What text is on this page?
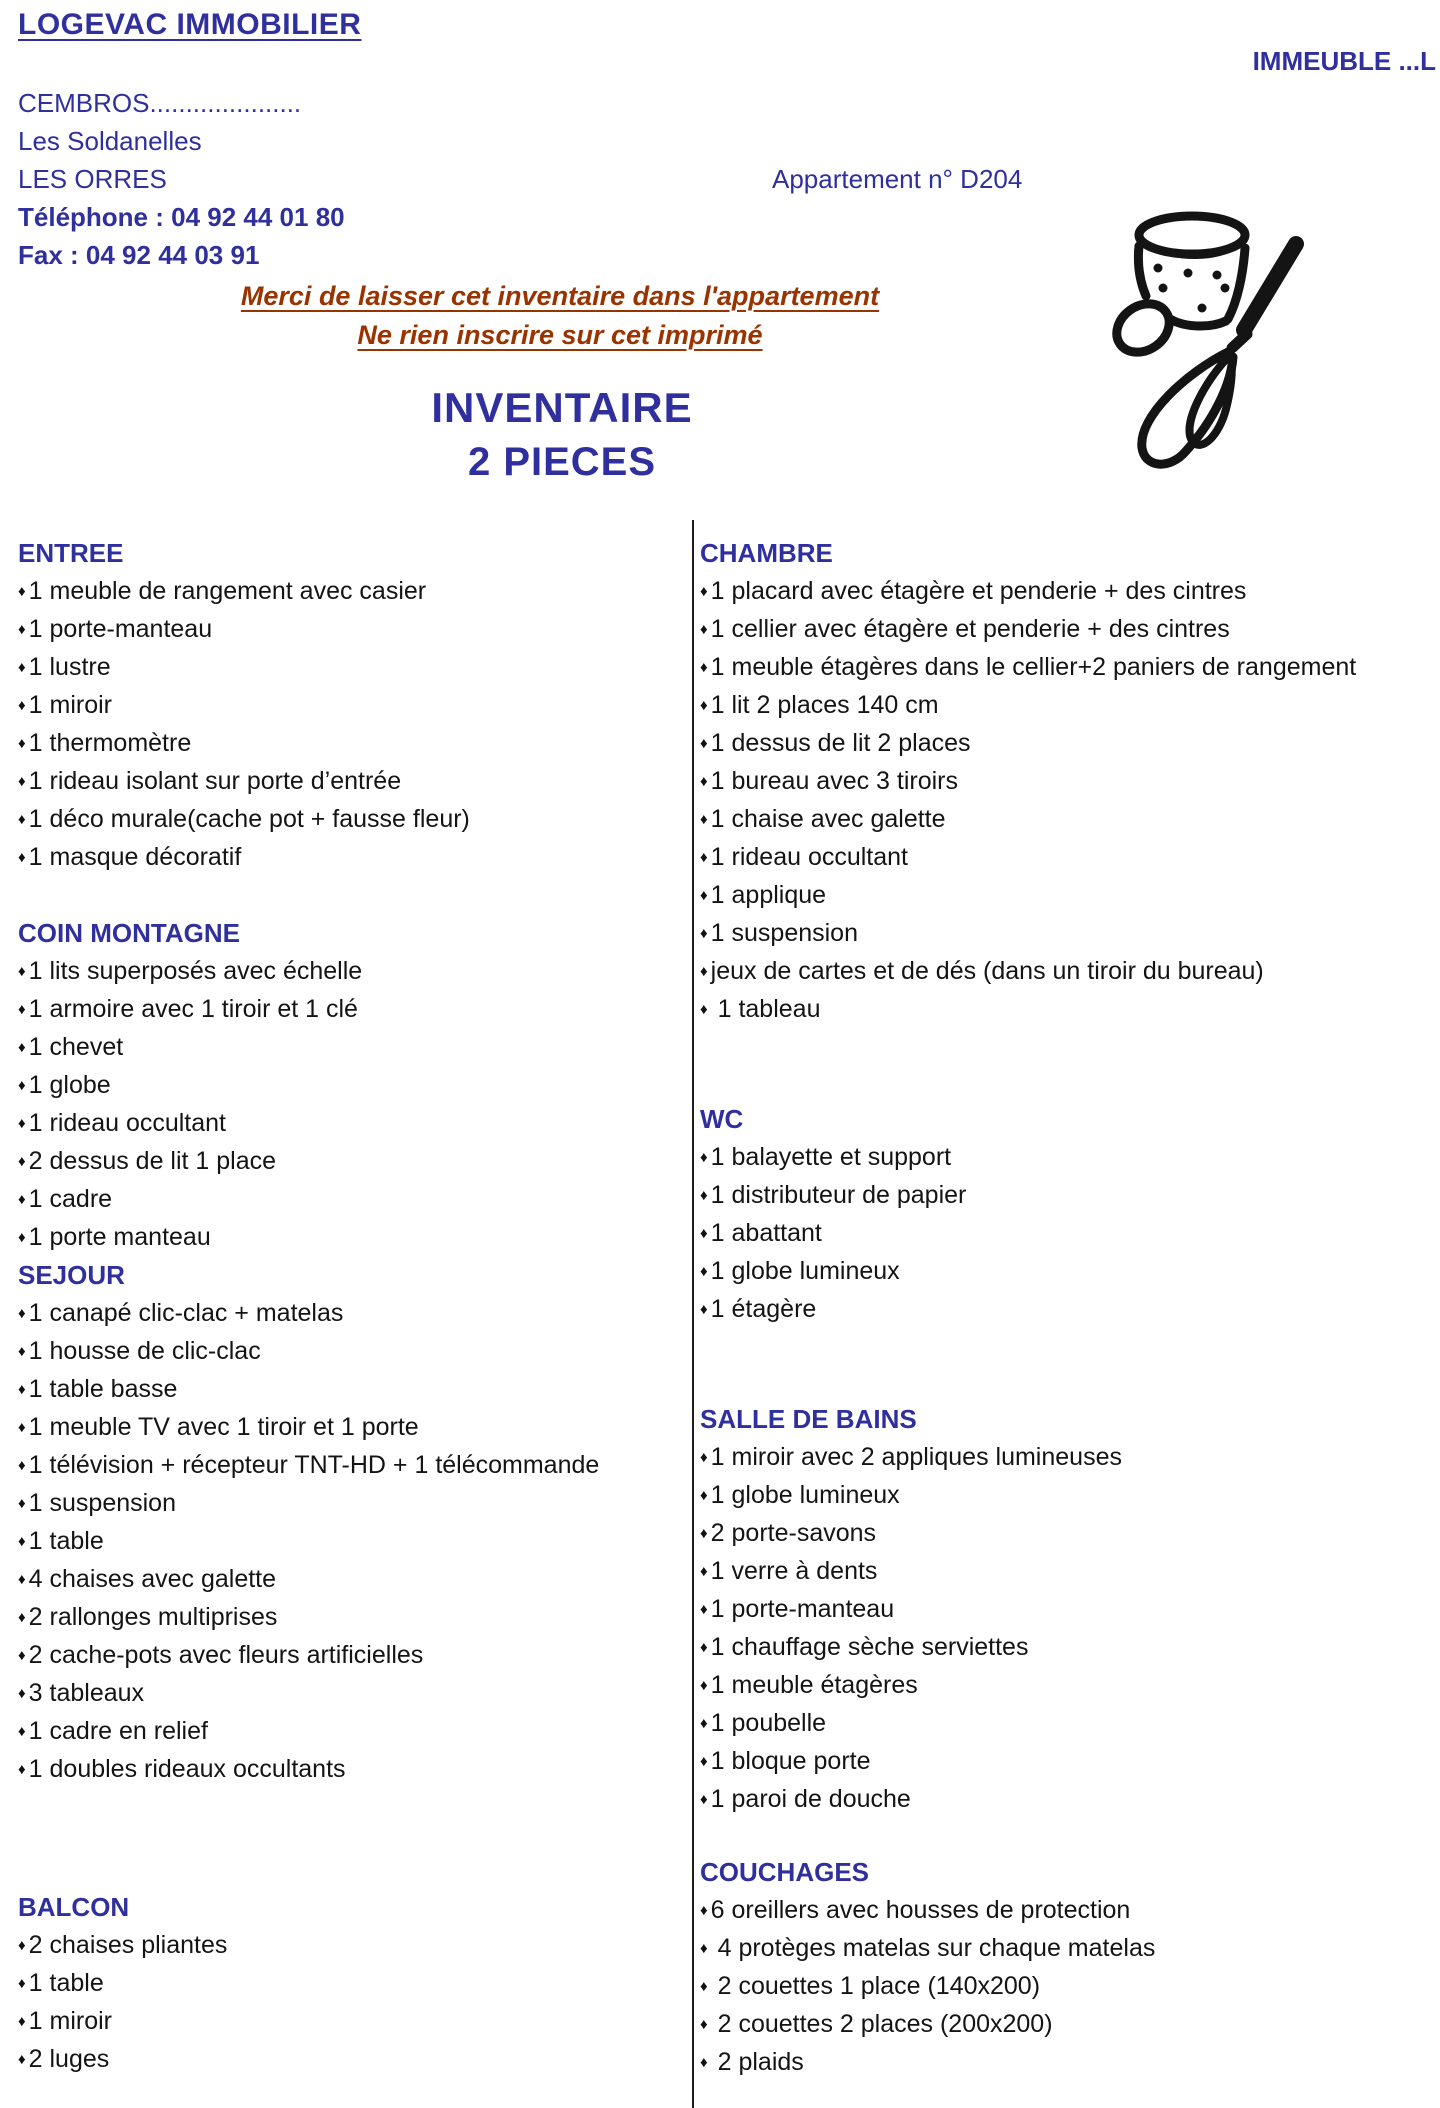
LOGEVAC IMMOBILIER
IMMEUBLE ...L
CEMBROS.....................
Les Soldanelles
LES ORRES	Appartement n° D204
Téléphone : 04 92 44 01 80
Fax : 04 92 44 03 91
Merci de laisser cet inventaire dans l'appartement
Ne rien inscrire sur cet imprimé
INVENTAIRE
2 PIECES
ENTREE
♦ 1 meuble de rangement avec casier
♦ 1 porte-manteau
♦ 1 lustre
♦ 1 miroir
♦ 1 thermomètre
♦ 1 rideau isolant sur porte d’entrée
♦ 1 déco murale(cache pot + fausse fleur)
♦ 1 masque décoratif
COIN MONTAGNE
♦ 1 lits superposés avec échelle
♦ 1 armoire avec 1 tiroir et 1 clé
♦ 1 chevet
♦ 1 globe
♦ 1 rideau occultant
♦ 2 dessus de lit 1 place
♦ 1 cadre
♦ 1 porte manteau
SEJOUR
♦ 1 canapé clic-clac + matelas
♦ 1 housse de clic-clac
♦ 1 table basse
♦ 1 meuble TV avec 1 tiroir et 1 porte
♦ 1 télévision + récepteur TNT-HD + 1 télécommande
♦ 1 suspension
♦ 1 table
♦ 4 chaises avec galette
♦ 2 rallonges multiprises
♦ 2 cache-pots avec fleurs artificielles
♦ 3 tableaux
♦ 1 cadre en relief
♦ 1 doubles rideaux occultants
BALCON
♦ 2 chaises pliantes
♦ 1 table
♦ 1 miroir
♦ 2 luges
CHAMBRE
♦ 1 placard avec étagère et penderie + des cintres
♦ 1 cellier avec étagère et penderie + des cintres
♦ 1 meuble étagères dans le cellier+2 paniers de rangement
♦ 1 lit 2 places 140 cm
♦ 1 dessus de lit 2 places
♦ 1 bureau avec 3 tiroirs
♦ 1 chaise avec galette
♦ 1 rideau occultant
♦ 1 applique
♦ 1 suspension
♦ jeux de cartes et de dés (dans un tiroir du bureau)
♦ 1 tableau
WC
♦ 1 balayette et support
♦ 1 distributeur de papier
♦ 1 abattant
♦ 1 globe lumineux
♦ 1 étagère
SALLE DE BAINS
♦ 1 miroir avec 2 appliques lumineuses
♦ 1 globe lumineux
♦ 2 porte-savons
♦ 1 verre à dents
♦ 1 porte-manteau
♦ 1 chauffage sèche serviettes
♦ 1 meuble étagères
♦ 1 poubelle
♦ 1 bloque porte
♦ 1 paroi de douche
COUCHAGES
♦ 6 oreillers avec housses de protection
♦ 4 protèges matelas sur chaque matelas
♦ 2 couettes 1 place (140x200)
♦ 2 couettes 2 places (200x200)
♦ 2 plaids
